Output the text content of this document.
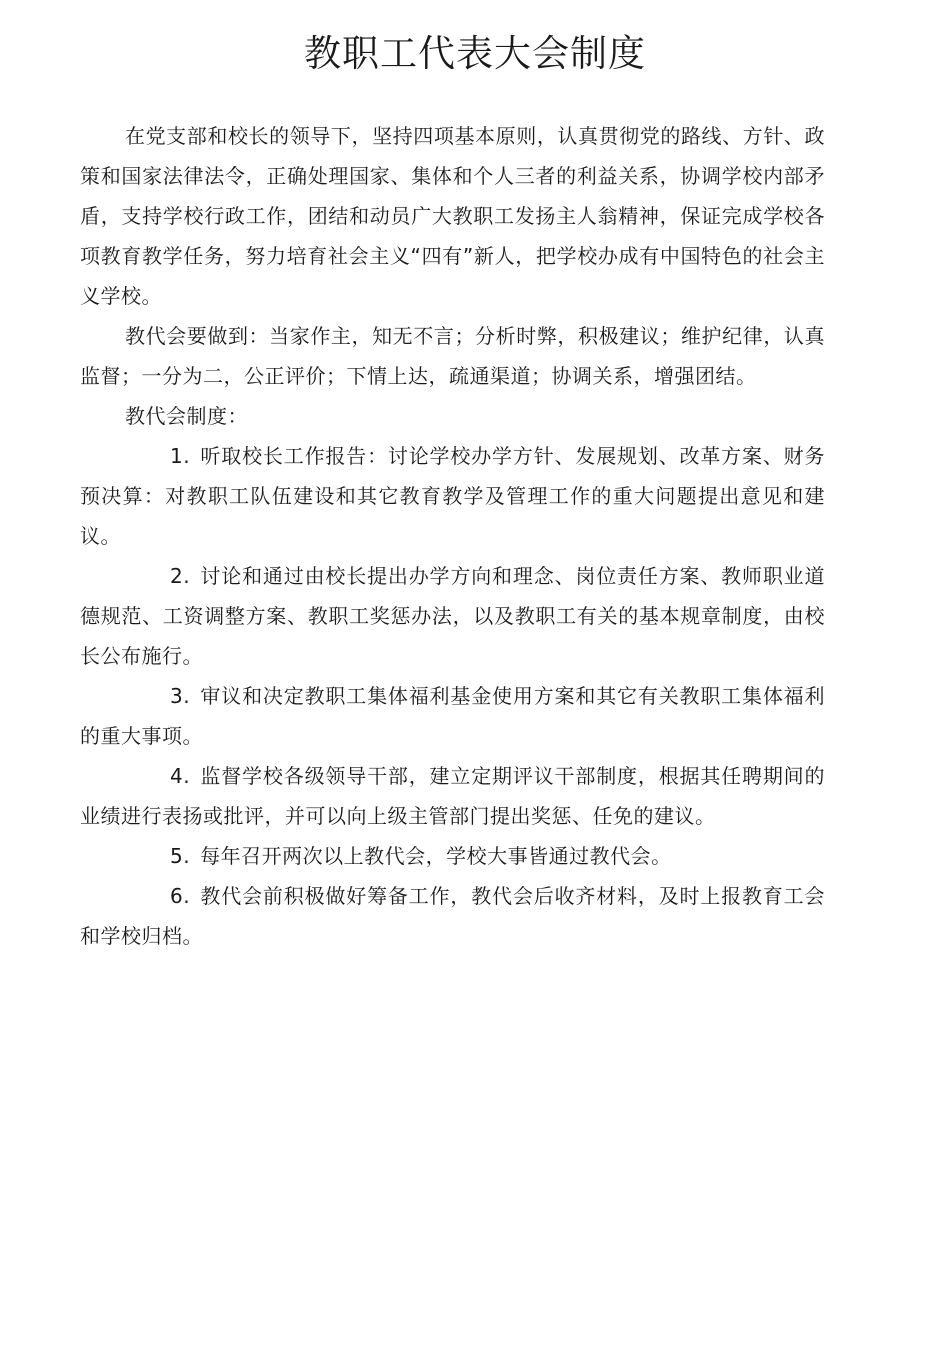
教职工代表大会制度

在党支部和校长的领导下，坚持四项基本原则，认真贯彻党的路线、方针、政策和国家法律法令，正确处理国家、集体和个人三者的利益关系，协调学校内部矛盾，支持学校行政工作，团结和动员广大教职工发扬主人翁精神，保证完成学校各项教育教学任务，努力培育社会主义“四有”新人，把学校办成有中国特色的社会主义学校。

教代会要做到：当家作主，知无不言；分析时弊，积极建议；维护纪律，认真监督；一分为二，公正评价；下情上达，疏通渠道；协调关系，增强团结。

教代会制度：

1. 听取校长工作报告：讨论学校办学方针、发展规划、改革方案、财务预决算：对教职工队伍建设和其它教育教学及管理工作的重大问题提出意见和建议。

2. 讨论和通过由校长提出办学方向和理念、岗位责任方案、教师职业道德规范、工资调整方案、教职工奖惩办法，以及教职工有关的基本规章制度，由校长公布施行。

3. 审议和决定教职工集体福利基金使用方案和其它有关教职工集体福利的重大事项。

4. 监督学校各级领导干部，建立定期评议干部制度，根据其任聘期间的业绩进行表扬或批评，并可以向上级主管部门提出奖惩、任免的建议。

5. 每年召开两次以上教代会，学校大事皆通过教代会。

6. 教代会前积极做好筹备工作，教代会后收齐材料，及时上报教育工会和学校归档。
